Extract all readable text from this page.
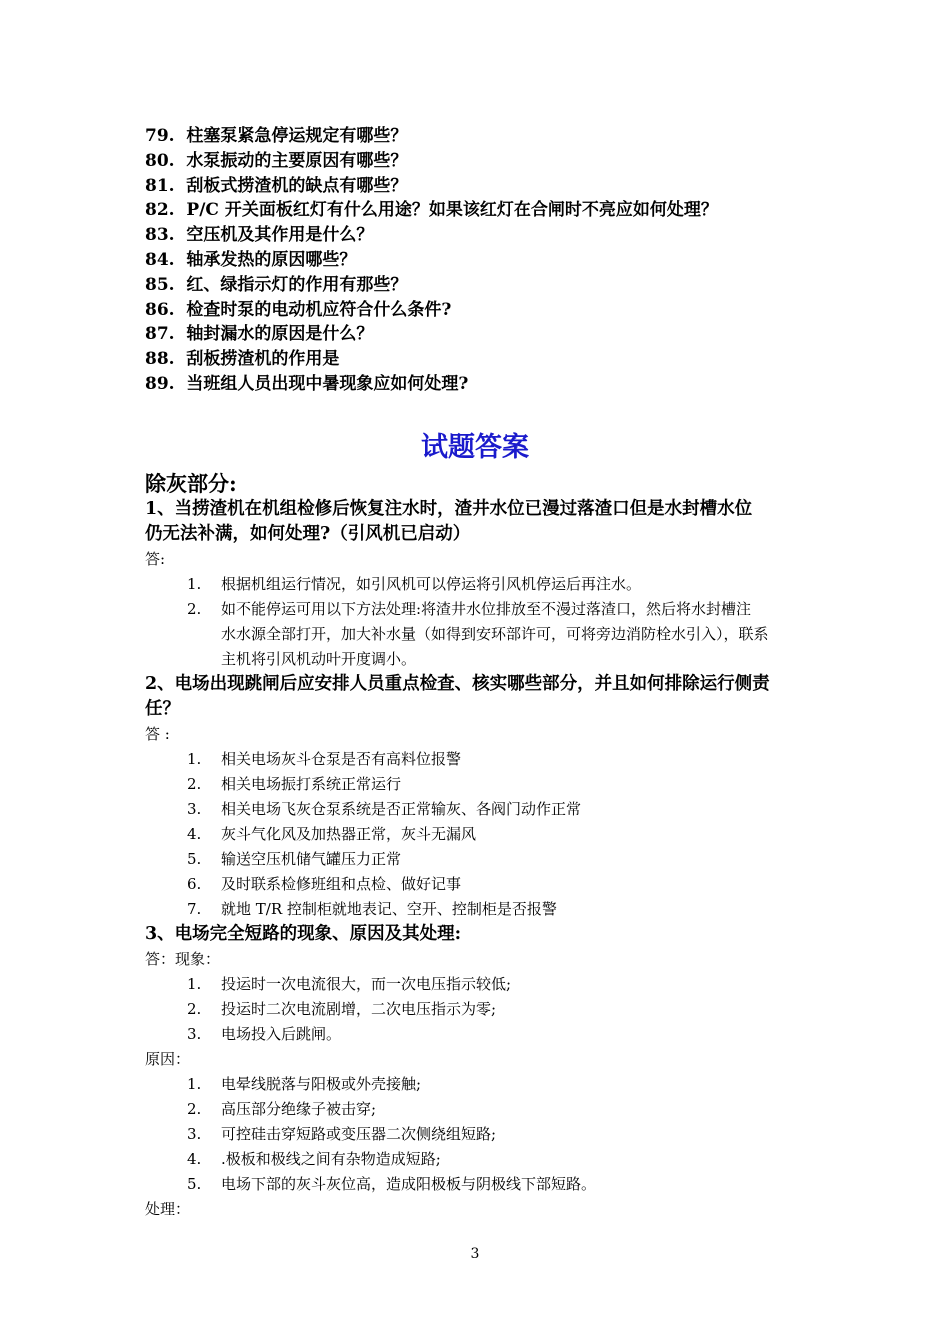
79. 柱塞泵紧急停运规定有哪些？
80. 水泵振动的主要原因有哪些？
81. 刮板式捞渣机的缺点有哪些？
82. P/C 开关面板红灯有什么用途？如果该红灯在合闸时不亮应如何处理？
83. 空压机及其作用是什么？
84. 轴承发热的原因哪些？
85. 红、绿指示灯的作用有那些？
86. 检查时泵的电动机应符合什么条件?
87. 轴封漏水的原因是什么？
88. 刮板捞渣机的作用是
89. 当班组人员出现中暑现象应如何处理?
试题答案
除灰部分:
1、当捞渣机在机组检修后恢复注水时，渣井水位已漫过落渣口但是水封槽水位
仍无法补满，如何处理?（引风机已启动）
答:
1. 根据机组运行情况，如引风机可以停运将引风机停运后再注水。
2. 如不能停运可用以下方法处理:将渣井水位排放至不漫过落渣口，然后将水封槽注
水水源全部打开，加大补水量（如得到安环部许可，可将旁边消防栓水引入），联系
主机将引风机动叶开度调小。
2、电场出现跳闸后应安排人员重点检查、核实哪些部分，并且如何排除运行侧责
任？
答 :
1. 相关电场灰斗仓泵是否有高料位报警
2. 相关电场振打系统正常运行
3. 相关电场飞灰仓泵系统是否正常输灰、各阀门动作正常
4. 灰斗气化风及加热器正常，灰斗无漏风
5. 输送空压机储气罐压力正常
6. 及时联系检修班组和点检、做好记事
7. 就地 T/R 控制柜就地表记、空开、控制柜是否报警
3、电场完全短路的现象、原因及其处理:
答：现象：
1. 投运时一次电流很大，而一次电压指示较低;
2. 投运时二次电流剧增，二次电压指示为零;
3. 电场投入后跳闸。
原因：
1. 电晕线脱落与阳极或外壳接触;
2. 高压部分绝缘子被击穿;
3. 可控硅击穿短路或变压器二次侧绕组短路;
4. .极板和极线之间有杂物造成短路;
5. 电场下部的灰斗灰位高，造成阳极板与阴极线下部短路。
处理：
3
